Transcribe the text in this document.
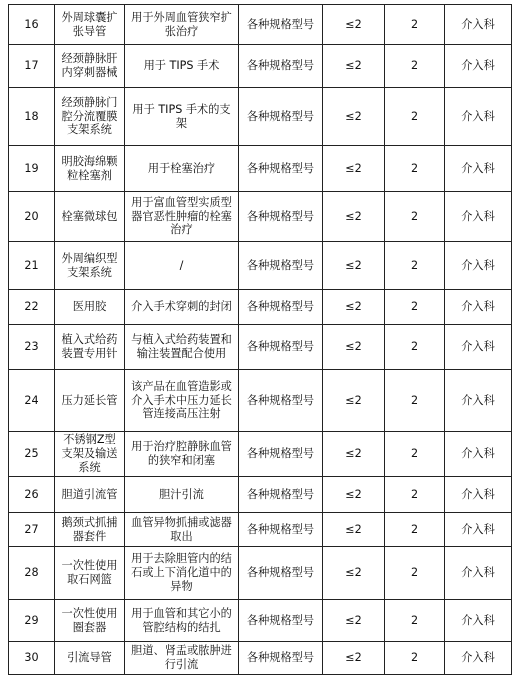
16	外周球囊扩张导管	用于外周血管狭窄扩张治疗	各种规格型号	≤2	2	介入科
17	经颈静脉肝内穿刺器械	用于 TIPS 手术	各种规格型号	≤2	2	介入科
18	经颈静脉门腔分流覆膜支架系统	用于 TIPS 手术的支架	各种规格型号	≤2	2	介入科
19	明胶海绵颗粒栓塞剂	用于栓塞治疗	各种规格型号	≤2	2	介入科
20	栓塞微球包	用于富血管型实质型器官恶性肿瘤的栓塞治疗	各种规格型号	≤2	2	介入科
21	外周编织型支架系统	/	各种规格型号	≤2	2	介入科
22	医用胶	介入手术穿刺的封闭	各种规格型号	≤2	2	介入科
23	植入式给药装置专用针	与植入式给药装置和输注装置配合使用	各种规格型号	≤2	2	介入科
24	压力延长管	该产品在血管造影或介入手术中压力延长管连接高压注射	各种规格型号	≤2	2	介入科
25	不锈钢Z型支架及输送系统	用于治疗腔静脉血管的狭窄和闭塞	各种规格型号	≤2	2	介入科
26	胆道引流管	胆汁引流	各种规格型号	≤2	2	介入科
27	鹅颈式抓捕器套件	血管异物抓捕或滤器取出	各种规格型号	≤2	2	介入科
28	一次性使用取石网篮	用于去除胆管内的结石或上下消化道中的异物	各种规格型号	≤2	2	介入科
29	一次性使用圈套器	用于血管和其它小的管腔结构的结扎	各种规格型号	≤2	2	介入科
30	引流导管	胆道、肾盂或脓肿进行引流	各种规格型号	≤2	2	介入科
